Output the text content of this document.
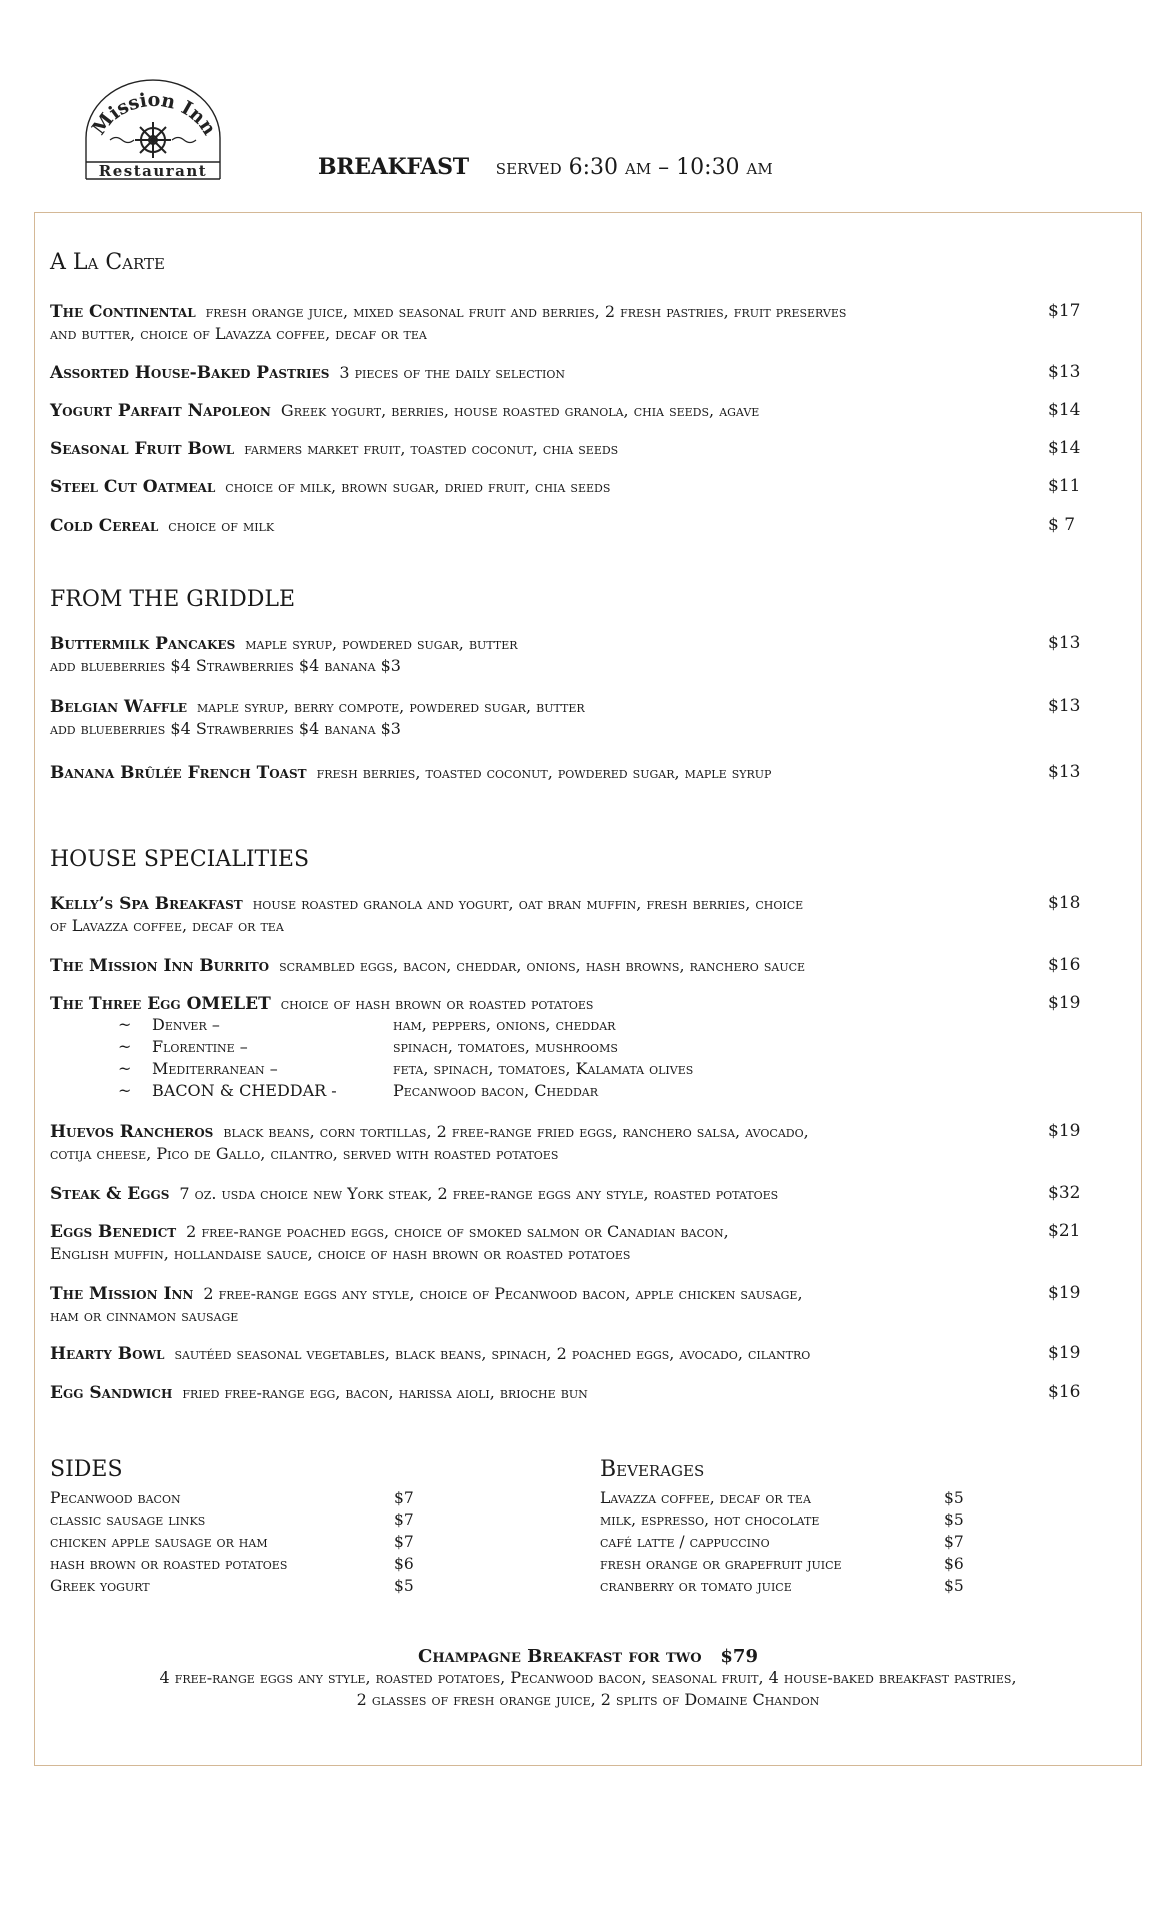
Mission Inn
Restaurant	BREAKFAST served 6:30 am – 10:30 am
A La Carte
The Continental fresh orange juice, mixed seasonal fruit and berries, 2 fresh pastries, fruit preserves
and butter, choice of Lavazza coffee, decaf or tea
$17
Assorted House-Baked Pastries 3 pieces of the daily selection	$13
Yogurt Parfait Napoleon Greek yogurt, berries, house roasted granola, chia seeds, agave	$14
Seasonal Fruit Bowl farmers market fruit, toasted coconut, chia seeds	$14
Steel Cut Oatmeal choice of milk, brown sugar, dried fruit, chia seeds	$11
Cold Cereal choice of milk	$ 7
FROM THE GRIDDLE
Buttermilk Pancakes maple syrup, powdered sugar, butter
add blueberries $4 Strawberries $4 banana $3
$13
Belgian Waffle maple syrup, berry compote, powdered sugar, butter
add blueberries $4 Strawberries $4 banana $3
$13
Banana Brûlée French Toast fresh berries, toasted coconut, powdered sugar, maple syrup	$13
HOUSE SPECIALITIES
Kelly’s Spa Breakfast house roasted granola and yogurt, oat bran muffin, fresh berries, choice
of Lavazza coffee, decaf or tea
$18
The Mission Inn Burrito scrambled eggs, bacon, cheddar, onions, hash browns, ranchero sauce	$16
The Three Egg OMELET choice of hash brown or roasted potatoes	$19
~ Denver –	ham, peppers, onions, cheddar
~ Florentine –	spinach, tomatoes, mushrooms
~ Mediterranean –	feta, spinach, tomatoes, Kalamata olives
~ BACON & CHEDDAR -	Pecanwood bacon, Cheddar
Huevos Rancheros black beans, corn tortillas, 2 free-range fried eggs, ranchero salsa, avocado,
cotija cheese, Pico de Gallo, cilantro, served with roasted potatoes
$19
Steak & Eggs 7 oz. usda choice new York steak, 2 free-range eggs any style, roasted potatoes	$32
Eggs Benedict 2 free-range poached eggs, choice of smoked salmon or Canadian bacon,
English muffin, hollandaise sauce, choice of hash brown or roasted potatoes
$21
The Mission Inn 2 free-range eggs any style, choice of Pecanwood bacon, apple chicken sausage,
ham or cinnamon sausage
$19
Hearty Bowl sautéed seasonal vegetables, black beans, spinach, 2 poached eggs, avocado, cilantro	$19
Egg Sandwich fried free-range egg, bacon, harissa aioli, brioche bun	$16
SIDES
Pecanwood bacon	$7
classic sausage links	$7
chicken apple sausage or ham	$7
hash brown or roasted potatoes	$6
Greek yogurt	$5
Beverages
Lavazza coffee, decaf or tea	$5
milk, espresso, hot chocolate	$5
café latte / cappuccino	$7
fresh orange or grapefruit juice	$6
cranberry or tomato juice	$5
Champagne Breakfast for two $79
4 free-range eggs any style, roasted potatoes, Pecanwood bacon, seasonal fruit, 4 house-baked breakfast pastries,
2 glasses of fresh orange juice, 2 splits of Domaine Chandon
